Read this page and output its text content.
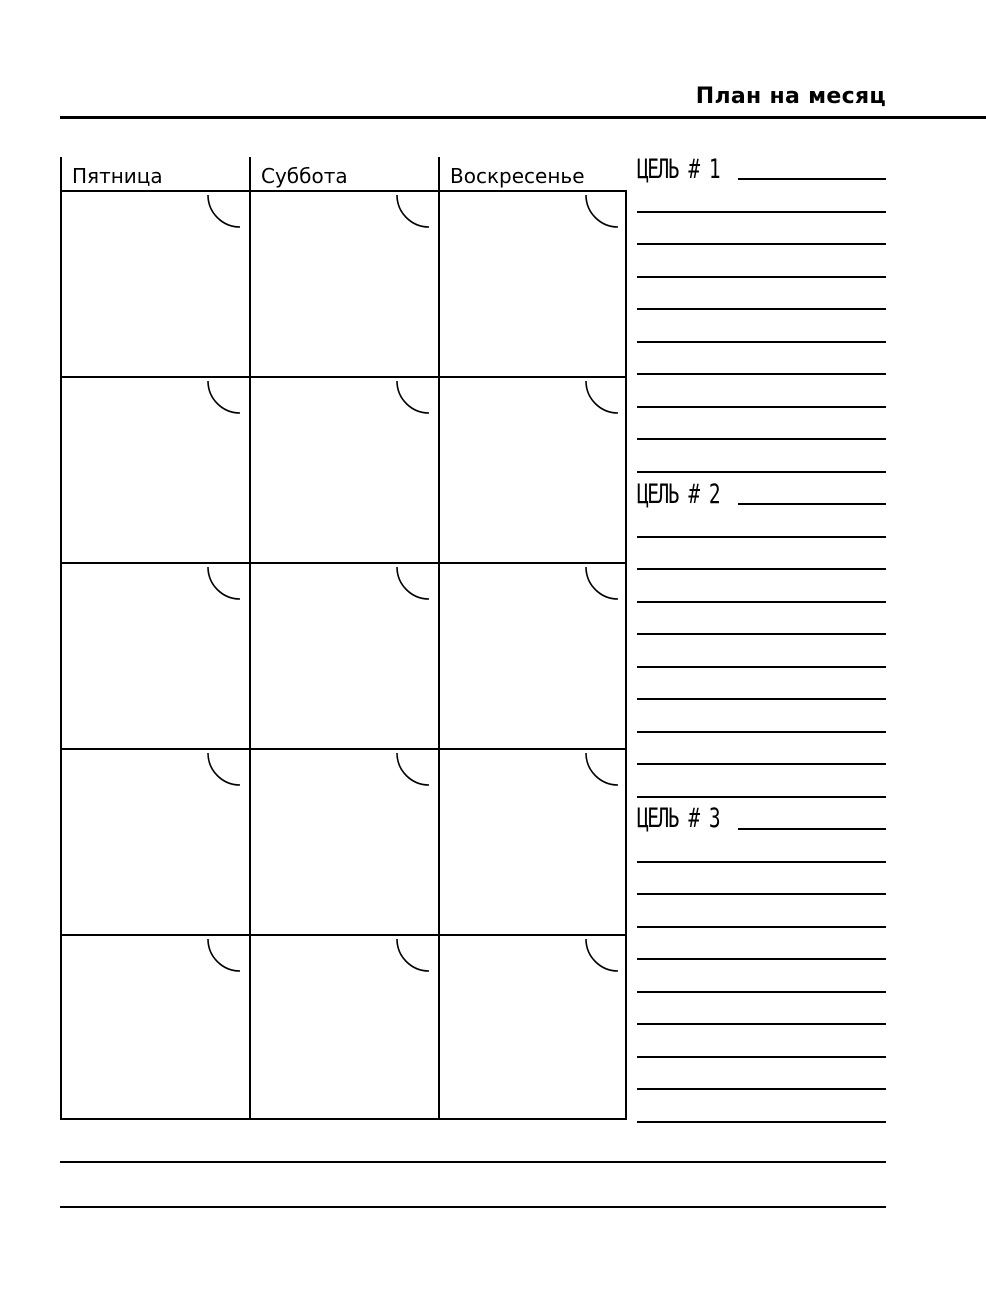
План на месяц
Пятница	Суббота	Воскресенье ЦЕЛЬ # 1
ЦЕЛЬ # 2
ЦЕЛЬ # 3
